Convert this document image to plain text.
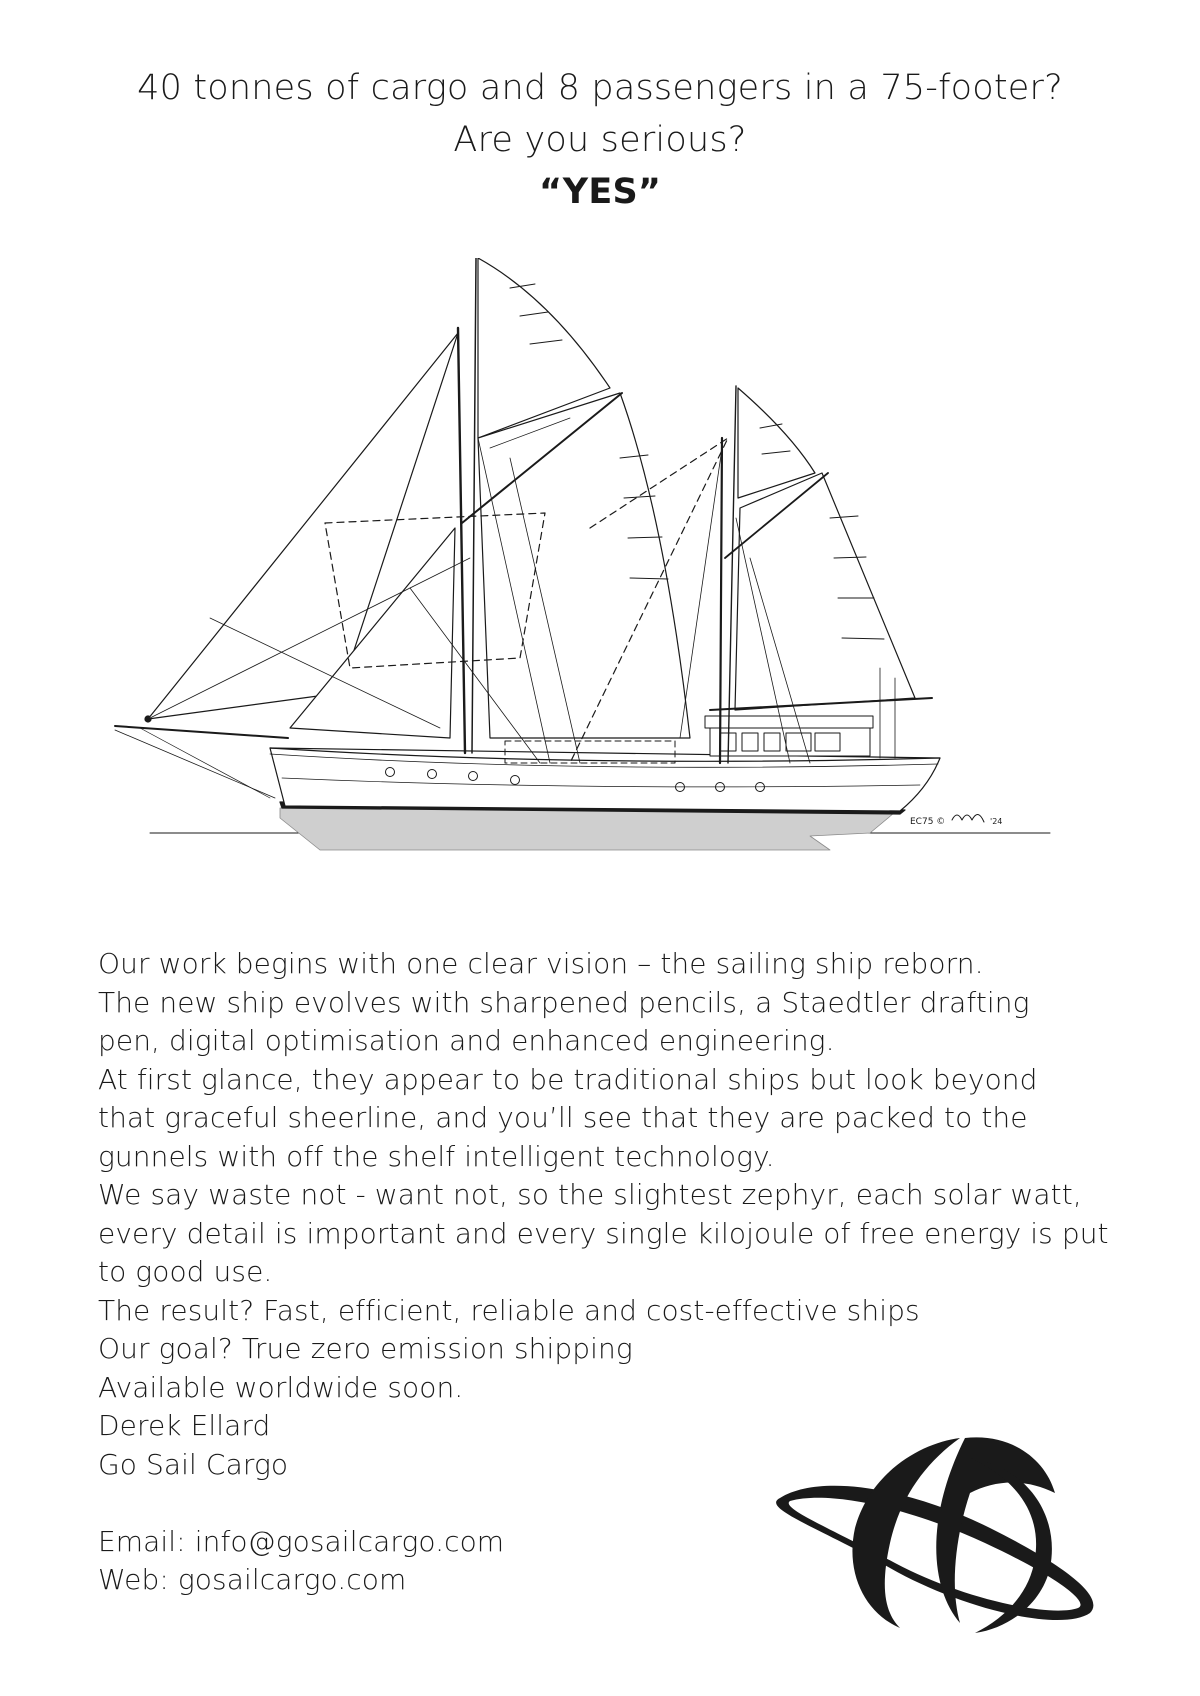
40 tonnes of cargo and 8 passengers in a 75-footer?
Are you serious?
“YES”
EC75 ©	'24
Our work begins with one clear vision – the sailing ship reborn.
The new ship evolves with sharpened pencils, a Staedtler drafting
pen, digital optimisation and enhanced engineering.
At first glance, they appear to be traditional ships but look beyond
that graceful sheerline, and you’ll see that they are packed to the
gunnels with off the shelf intelligent technology.
We say waste not - want not, so the slightest zephyr, each solar watt,
every detail is important and every single kilojoule of free energy is put
to good use.
The result? Fast, efficient, reliable and cost-effective ships
Our goal? True zero emission shipping
Available worldwide soon.
Derek Ellard
Go Sail Cargo
Email: info@gosailcargo.com
Web: gosailcargo.com
